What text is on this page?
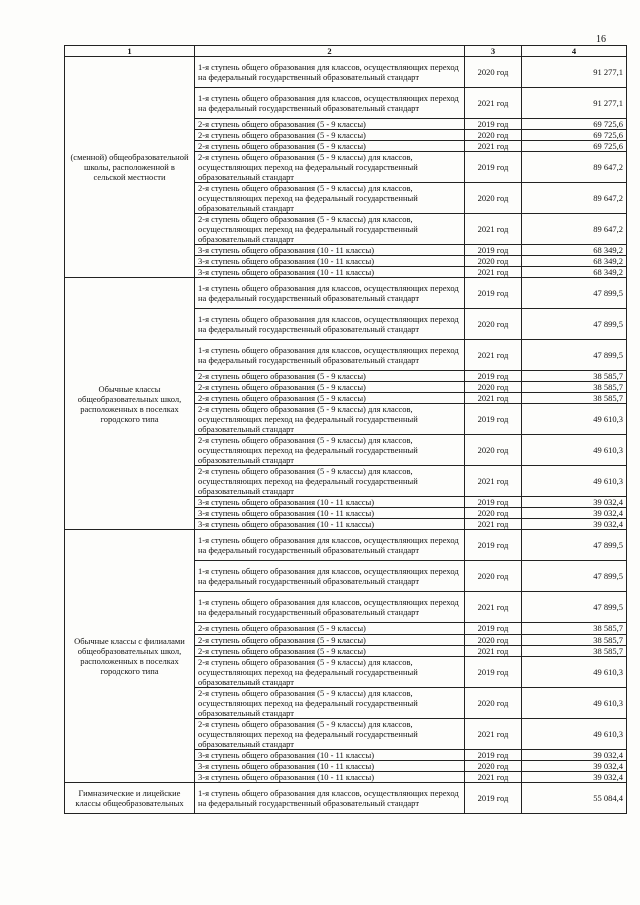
16
1	2	3	4
(сменной) общеобразовательной школы, расположенной в сельской местности	1-я ступень общего образования для классов, осуществляющих переход на федеральный государственный образовательный стандарт	2020 год	91 277,1
	1-я ступень общего образования для классов, осуществляющих переход на федеральный государственный образовательный стандарт	2021 год	91 277,1
	2-я ступень общего образования (5 - 9 классы)	2019 год	69 725,6
	2-я ступень общего образования (5 - 9 классы)	2020 год	69 725,6
	2-я ступень общего образования (5 - 9 классы)	2021 год	69 725,6
	2-я ступень общего образования (5 - 9 классы) для классов, осуществляющих переход на федеральный государственный образовательный стандарт	2019 год	89 647,2
	2-я ступень общего образования (5 - 9 классы) для классов, осуществляющих переход на федеральный государственный образовательный стандарт	2020 год	89 647,2
	2-я ступень общего образования (5 - 9 классы) для классов, осуществляющих переход на федеральный государственный образовательный стандарт	2021 год	89 647,2
	3-я ступень общего образования (10 - 11 классы)	2019 год	68 349,2
	3-я ступень общего образования (10 - 11 классы)	2020 год	68 349,2
	3-я ступень общего образования (10 - 11 классы)	2021 год	68 349,2
Обычные классы общеобразовательных школ, расположенных в поселках городского типа	1-я ступень общего образования для классов, осуществляющих переход на федеральный государственный образовательный стандарт	2019 год	47 899,5
	1-я ступень общего образования для классов, осуществляющих переход на федеральный государственный образовательный стандарт	2020 год	47 899,5
	1-я ступень общего образования для классов, осуществляющих переход на федеральный государственный образовательный стандарт	2021 год	47 899,5
	2-я ступень общего образования (5 - 9 классы)	2019 год	38 585,7
	2-я ступень общего образования (5 - 9 классы)	2020 год	38 585,7
	2-я ступень общего образования (5 - 9 классы)	2021 год	38 585,7
	2-я ступень общего образования (5 - 9 классы) для классов, осуществляющих переход на федеральный государственный образовательный стандарт	2019 год	49 610,3
	2-я ступень общего образования (5 - 9 классы) для классов, осуществляющих переход на федеральный государственный образовательный стандарт	2020 год	49 610,3
	2-я ступень общего образования (5 - 9 классы) для классов, осуществляющих переход на федеральный государственный образовательный стандарт	2021 год	49 610,3
	3-я ступень общего образования (10 - 11 классы)	2019 год	39 032,4
	3-я ступень общего образования (10 - 11 классы)	2020 год	39 032,4
	3-я ступень общего образования (10 - 11 классы)	2021 год	39 032,4
Обычные классы с филиалами общеобразовательных школ, расположенных в поселках городского типа	1-я ступень общего образования для классов, осуществляющих переход на федеральный государственный образовательный стандарт	2019 год	47 899,5
	1-я ступень общего образования для классов, осуществляющих переход на федеральный государственный образовательный стандарт	2020 год	47 899,5
	1-я ступень общего образования для классов, осуществляющих переход на федеральный государственный образовательный стандарт	2021 год	47 899,5
	2-я ступень общего образования (5 - 9 классы)	2019 год	38 585,7
	2-я ступень общего образования (5 - 9 классы)	2020 год	38 585,7
	2-я ступень общего образования (5 - 9 классы)	2021 год	38 585,7
	2-я ступень общего образования (5 - 9 классы) для классов, осуществляющих переход на федеральный государственный образовательный стандарт	2019 год	49 610,3
	2-я ступень общего образования (5 - 9 классы) для классов, осуществляющих переход на федеральный государственный образовательный стандарт	2020 год	49 610,3
	2-я ступень общего образования (5 - 9 классы) для классов, осуществляющих переход на федеральный государственный образовательный стандарт	2021 год	49 610,3
	3-я ступень общего образования (10 - 11 классы)	2019 год	39 032,4
	3-я ступень общего образования (10 - 11 классы)	2020 год	39 032,4
	3-я ступень общего образования (10 - 11 классы)	2021 год	39 032,4
Гимназические и лицейские классы общеобразовательных	1-я ступень общего образования для классов, осуществляющих переход на федеральный государственный образовательный стандарт	2019 год	55 084,4
